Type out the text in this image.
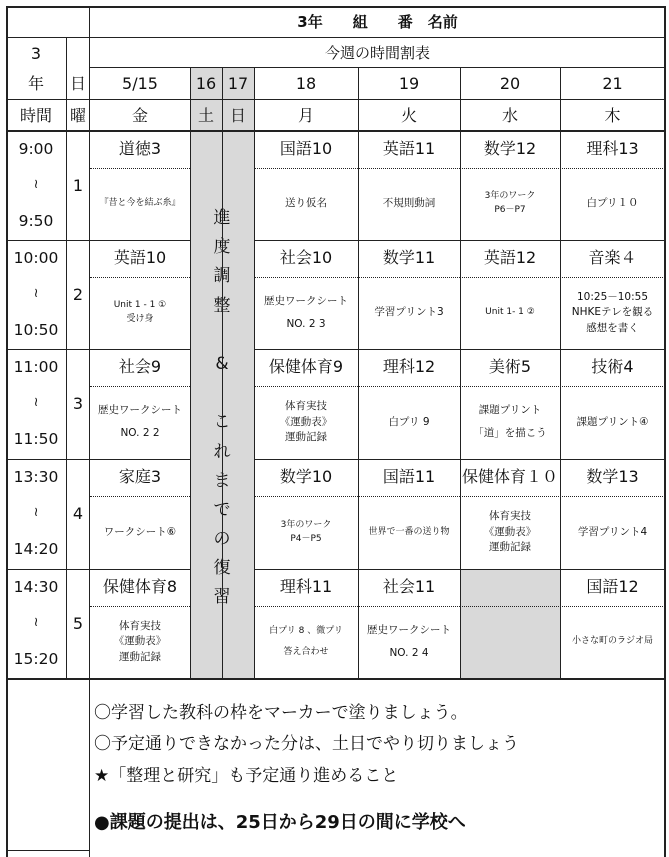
3年　　組　　番　名前
今週の時間割表
3
年
時間
日
曜
5/15
金
16
土
17
日
18
月
19
火
20
水
21
木
9:00
≀
9:50
1
10:00
≀
10:50
2
11:00
≀
11:50
3
13:30
≀
14:20
4
14:30
≀
15:20
5
道徳3
『昔と今を結ぶ糸』
英語10
Unit 1 - 1 ①
受け身
社会9
歴史ワークシート
NO. 2 2
家庭3
ワークシート⑥
保健体育8
体育実技
《運動表》
運動記録
国語10
送り仮名
社会10
歴史ワークシート
NO. 2 3
保健体育9
体育実技
《運動表》
運動記録
数学10
3年のワーク
P4－P5
理科11
白プリ 8 、微プリ
答え合わせ
英語11
不規則動詞
数学11
学習プリント3
理科12
白プリ 9
国語11
世界で一番の送り物
社会11
歴史ワークシート
NO. 2 4
数学12
3年のワーク
P6－P7
英語12
Unit 1- 1 ②
美術5
課題プリント
「道」を描こう
保健体育１０
体育実技
《運動表》
運動記録
理科13
白プリ１０
音楽４
10:25－10:55
NHKEテレを観る
感想を書く
技術4
課題プリント④
数学13
学習プリント4
国語12
小さな町のラジオ局
進
度
調
整
&
こ
れ
ま
で
の
復
習
〇学習した教科の枠をマーカーで塗りましょう。
〇予定通りできなかった分は、土日でやり切りましょう
★「整理と研究」も予定通り進めること
●課題の提出は、25日から29日の間に学校へ
